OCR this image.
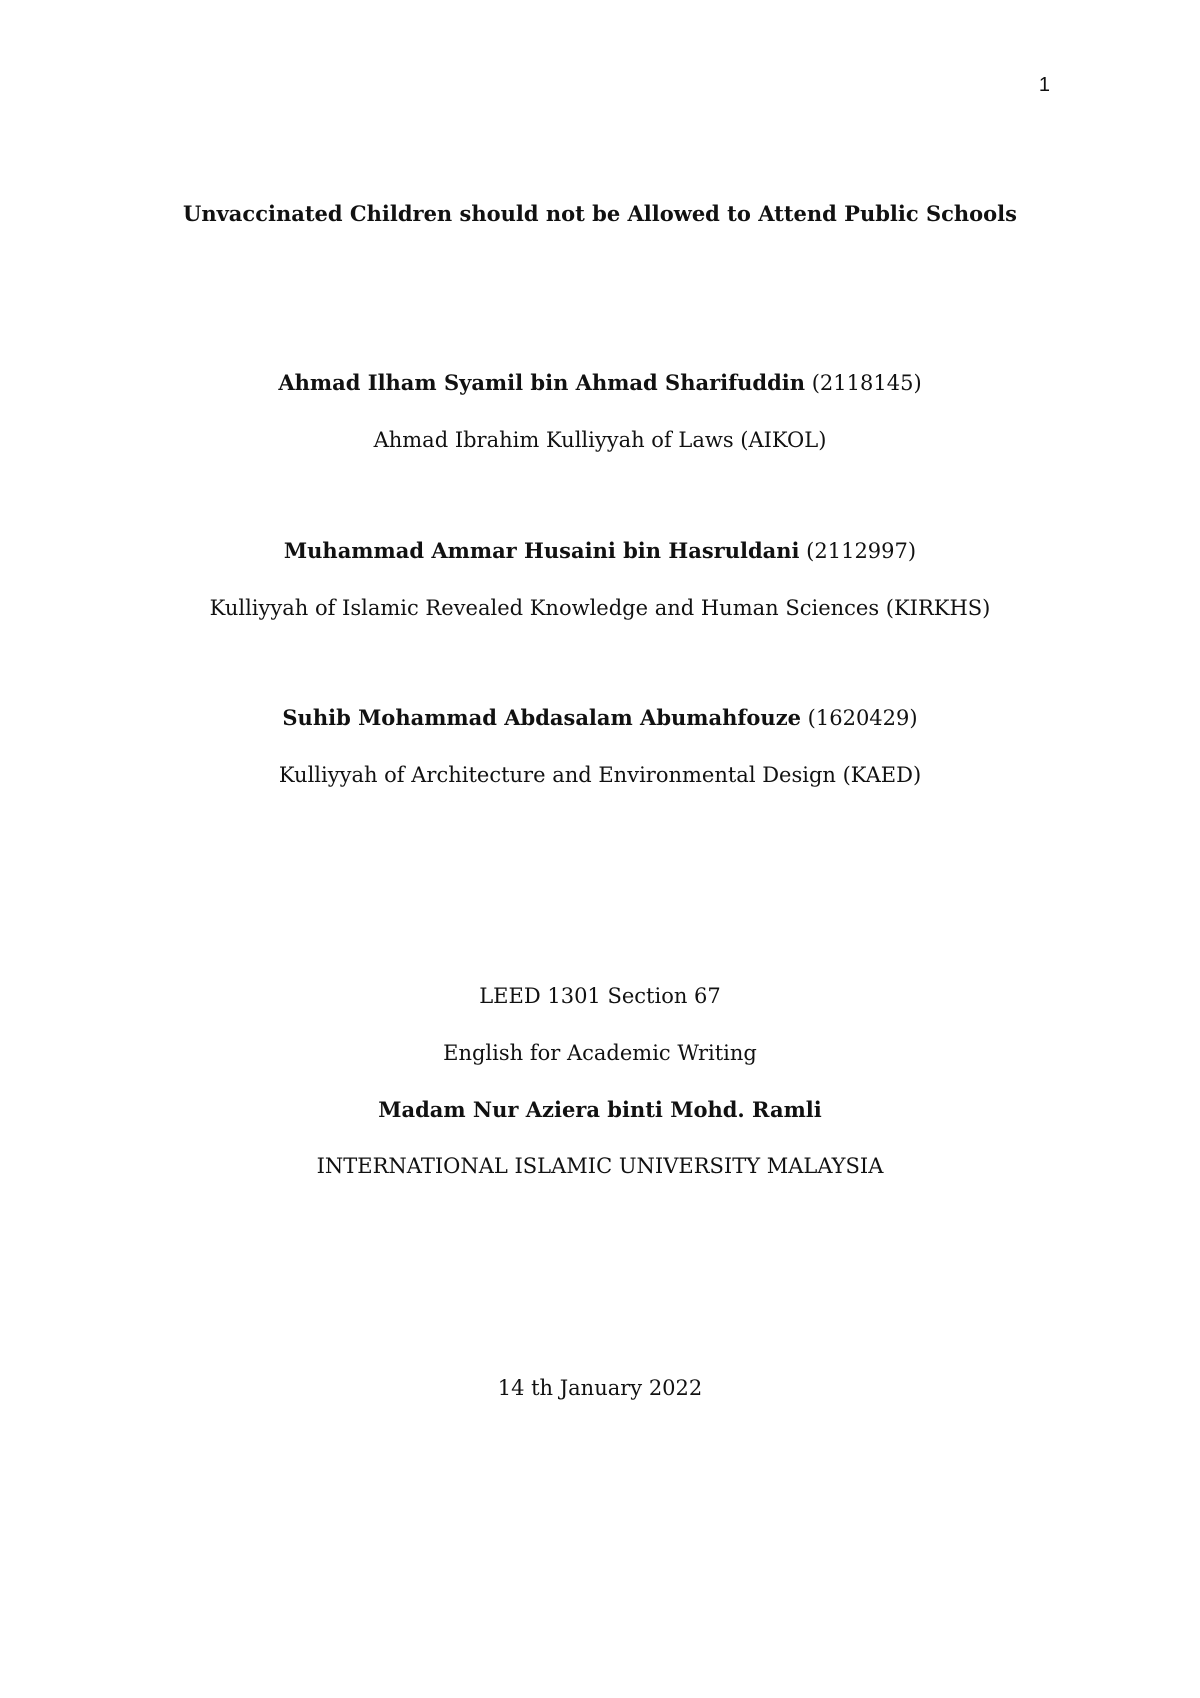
1
Unvaccinated Children should not be Allowed to Attend Public Schools
Ahmad Ilham Syamil bin Ahmad Sharifuddin (2118145)
Ahmad Ibrahim Kulliyyah of Laws (AIKOL)
Muhammad Ammar Husaini bin Hasruldani (2112997)
Kulliyyah of Islamic Revealed Knowledge and Human Sciences (KIRKHS)
Suhib Mohammad Abdasalam Abumahfouze (1620429)
Kulliyyah of Architecture and Environmental Design (KAED)
LEED 1301 Section 67
English for Academic Writing
Madam Nur Aziera binti Mohd. Ramli
INTERNATIONAL ISLAMIC UNIVERSITY MALAYSIA
14 th January 2022
